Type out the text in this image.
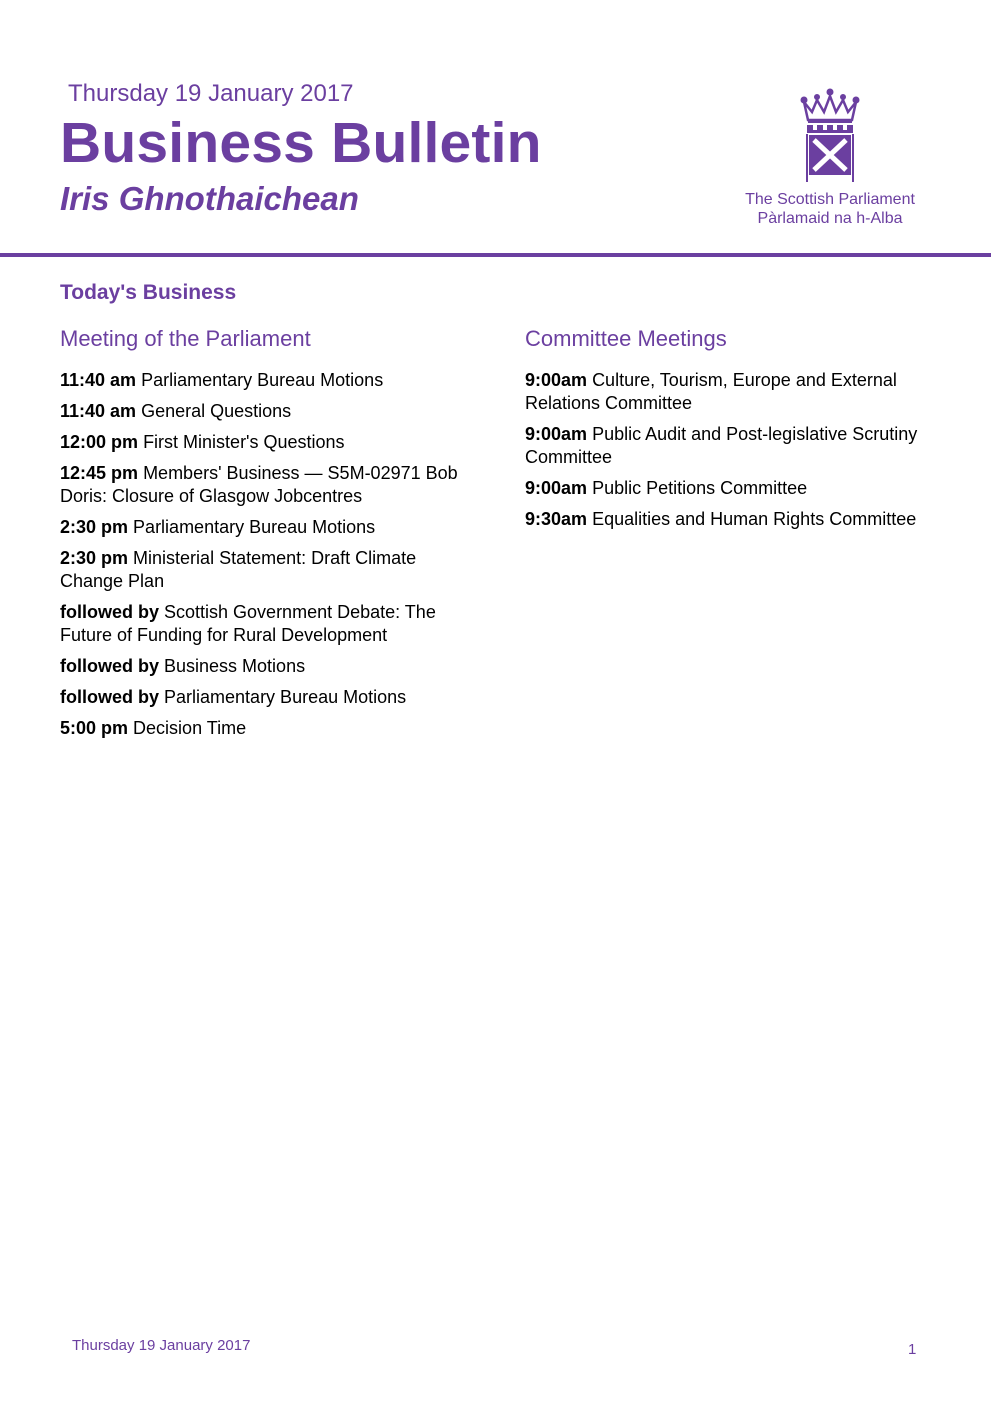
Thursday 19 January 2017
Business Bulletin
Iris Ghnothaichean	The Scottish Parliament
Pàrlamaid na h-Alba
Today's Business
Meeting of the Parliament
11:40 am Parliamentary Bureau Motions
11:40 am General Questions
12:00 pm First Minister's Questions
12:45 pm Members' Business — S5M-02971 Bob Doris: Closure of Glasgow Jobcentres
2:30 pm Parliamentary Bureau Motions
2:30 pm Ministerial Statement: Draft Climate Change Plan
followed by Scottish Government Debate: The Future of Funding for Rural Development
followed by Business Motions
followed by Parliamentary Bureau Motions
5:00 pm Decision Time
Committee Meetings
9:00am Culture, Tourism, Europe and External Relations Committee
9:00am Public Audit and Post-legislative Scrutiny Committee
9:00am Public Petitions Committee
9:30am Equalities and Human Rights Committee
Thursday 19 January 2017	1
